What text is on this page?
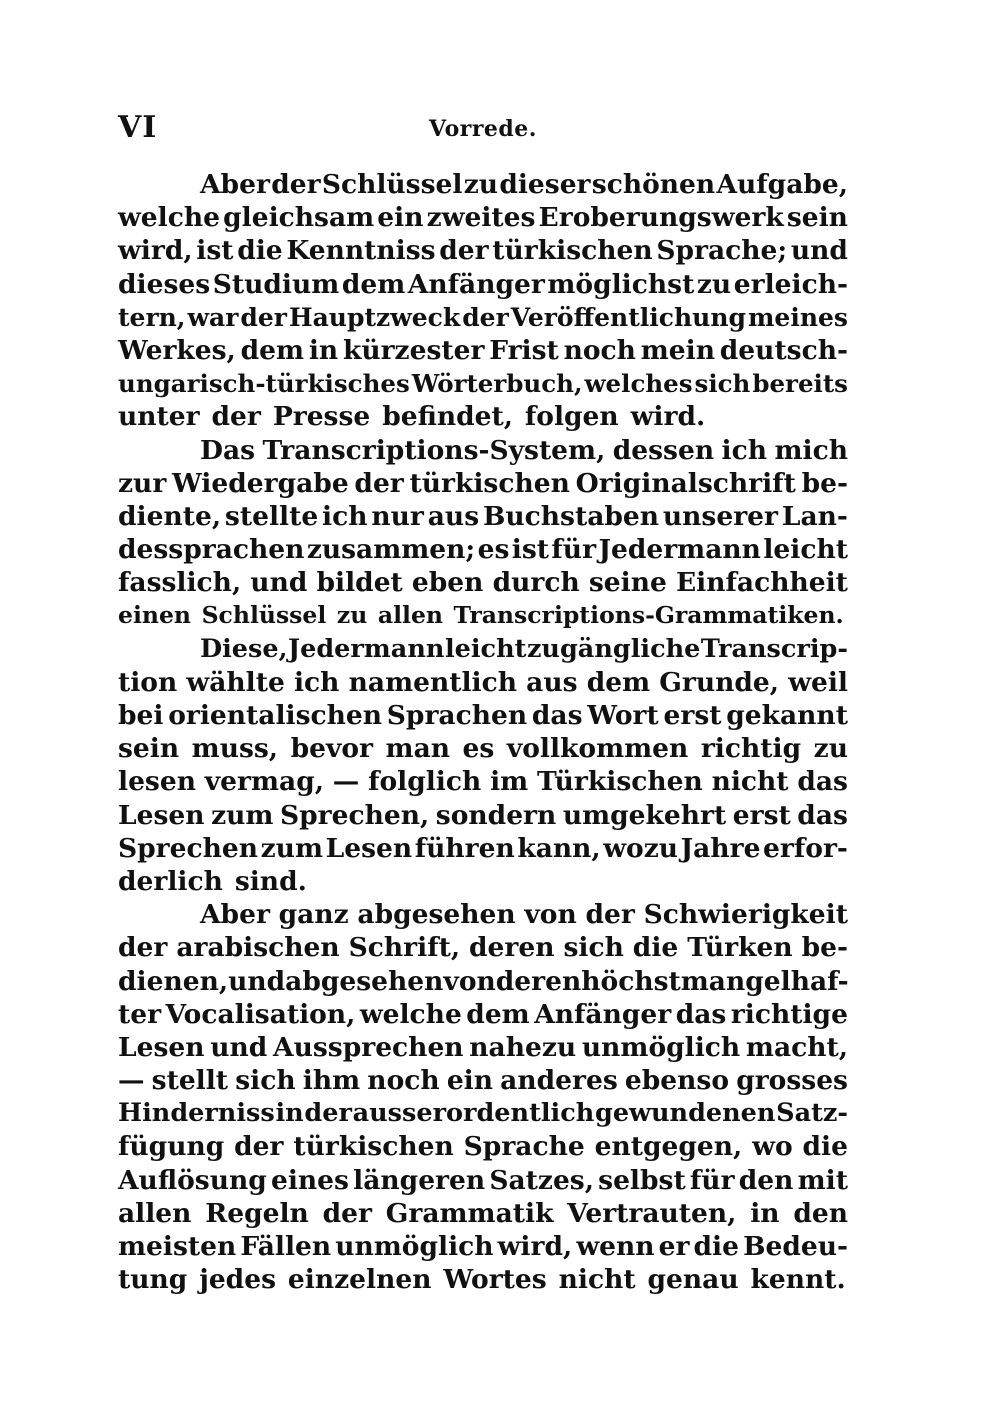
VI	Vorrede.
Aber der Schlüssel zu dieser schönen Aufgabe,
welche gleichsam ein zweites Eroberungswerk sein
wird, ist die Kenntniss der türkischen Sprache; und
dieses Studium dem Anfänger möglichst zu erleich-
tern, war der Hauptzweck der Veröffentlichung meines
Werkes, dem in kürzester Frist noch mein deutsch-
ungarisch-türkisches Wörterbuch, welches sich bereits
unter der Presse befindet, folgen wird.
Das Transcriptions-System, dessen ich mich
zur Wiedergabe der türkischen Originalschrift be-
diente, stellte ich nur aus Buchstaben unserer Lan-
dessprachen zusammen; es ist für Jedermann leicht
fasslich, und bildet eben durch seine Einfachheit
einen Schlüssel zu allen Transcriptions-Grammatiken.
Diese, Jedermann leicht zugängliche Transcrip-
tion wählte ich namentlich aus dem Grunde, weil
bei orientalischen Sprachen das Wort erst gekannt
sein muss, bevor man es vollkommen richtig zu
lesen vermag, — folglich im Türkischen nicht das
Lesen zum Sprechen, sondern umgekehrt erst das
Sprechen zum Lesen führen kann, wozu Jahre erfor-
derlich sind.
Aber ganz abgesehen von der Schwierigkeit
der arabischen Schrift, deren sich die Türken be-
dienen, und abgesehen von deren höchst mangelhaf-
ter Vocalisation, welche dem Anfänger das richtige
Lesen und Aussprechen nahezu unmöglich macht,
— stellt sich ihm noch ein anderes ebenso grosses
Hinderniss in der ausserordentlich gewundenen Satz-
fügung der türkischen Sprache entgegen, wo die
Auflösung eines längeren Satzes, selbst für den mit
allen Regeln der Grammatik Vertrauten, in den
meisten Fällen unmöglich wird, wenn er die Bedeu-
tung jedes einzelnen Wortes nicht genau kennt.
